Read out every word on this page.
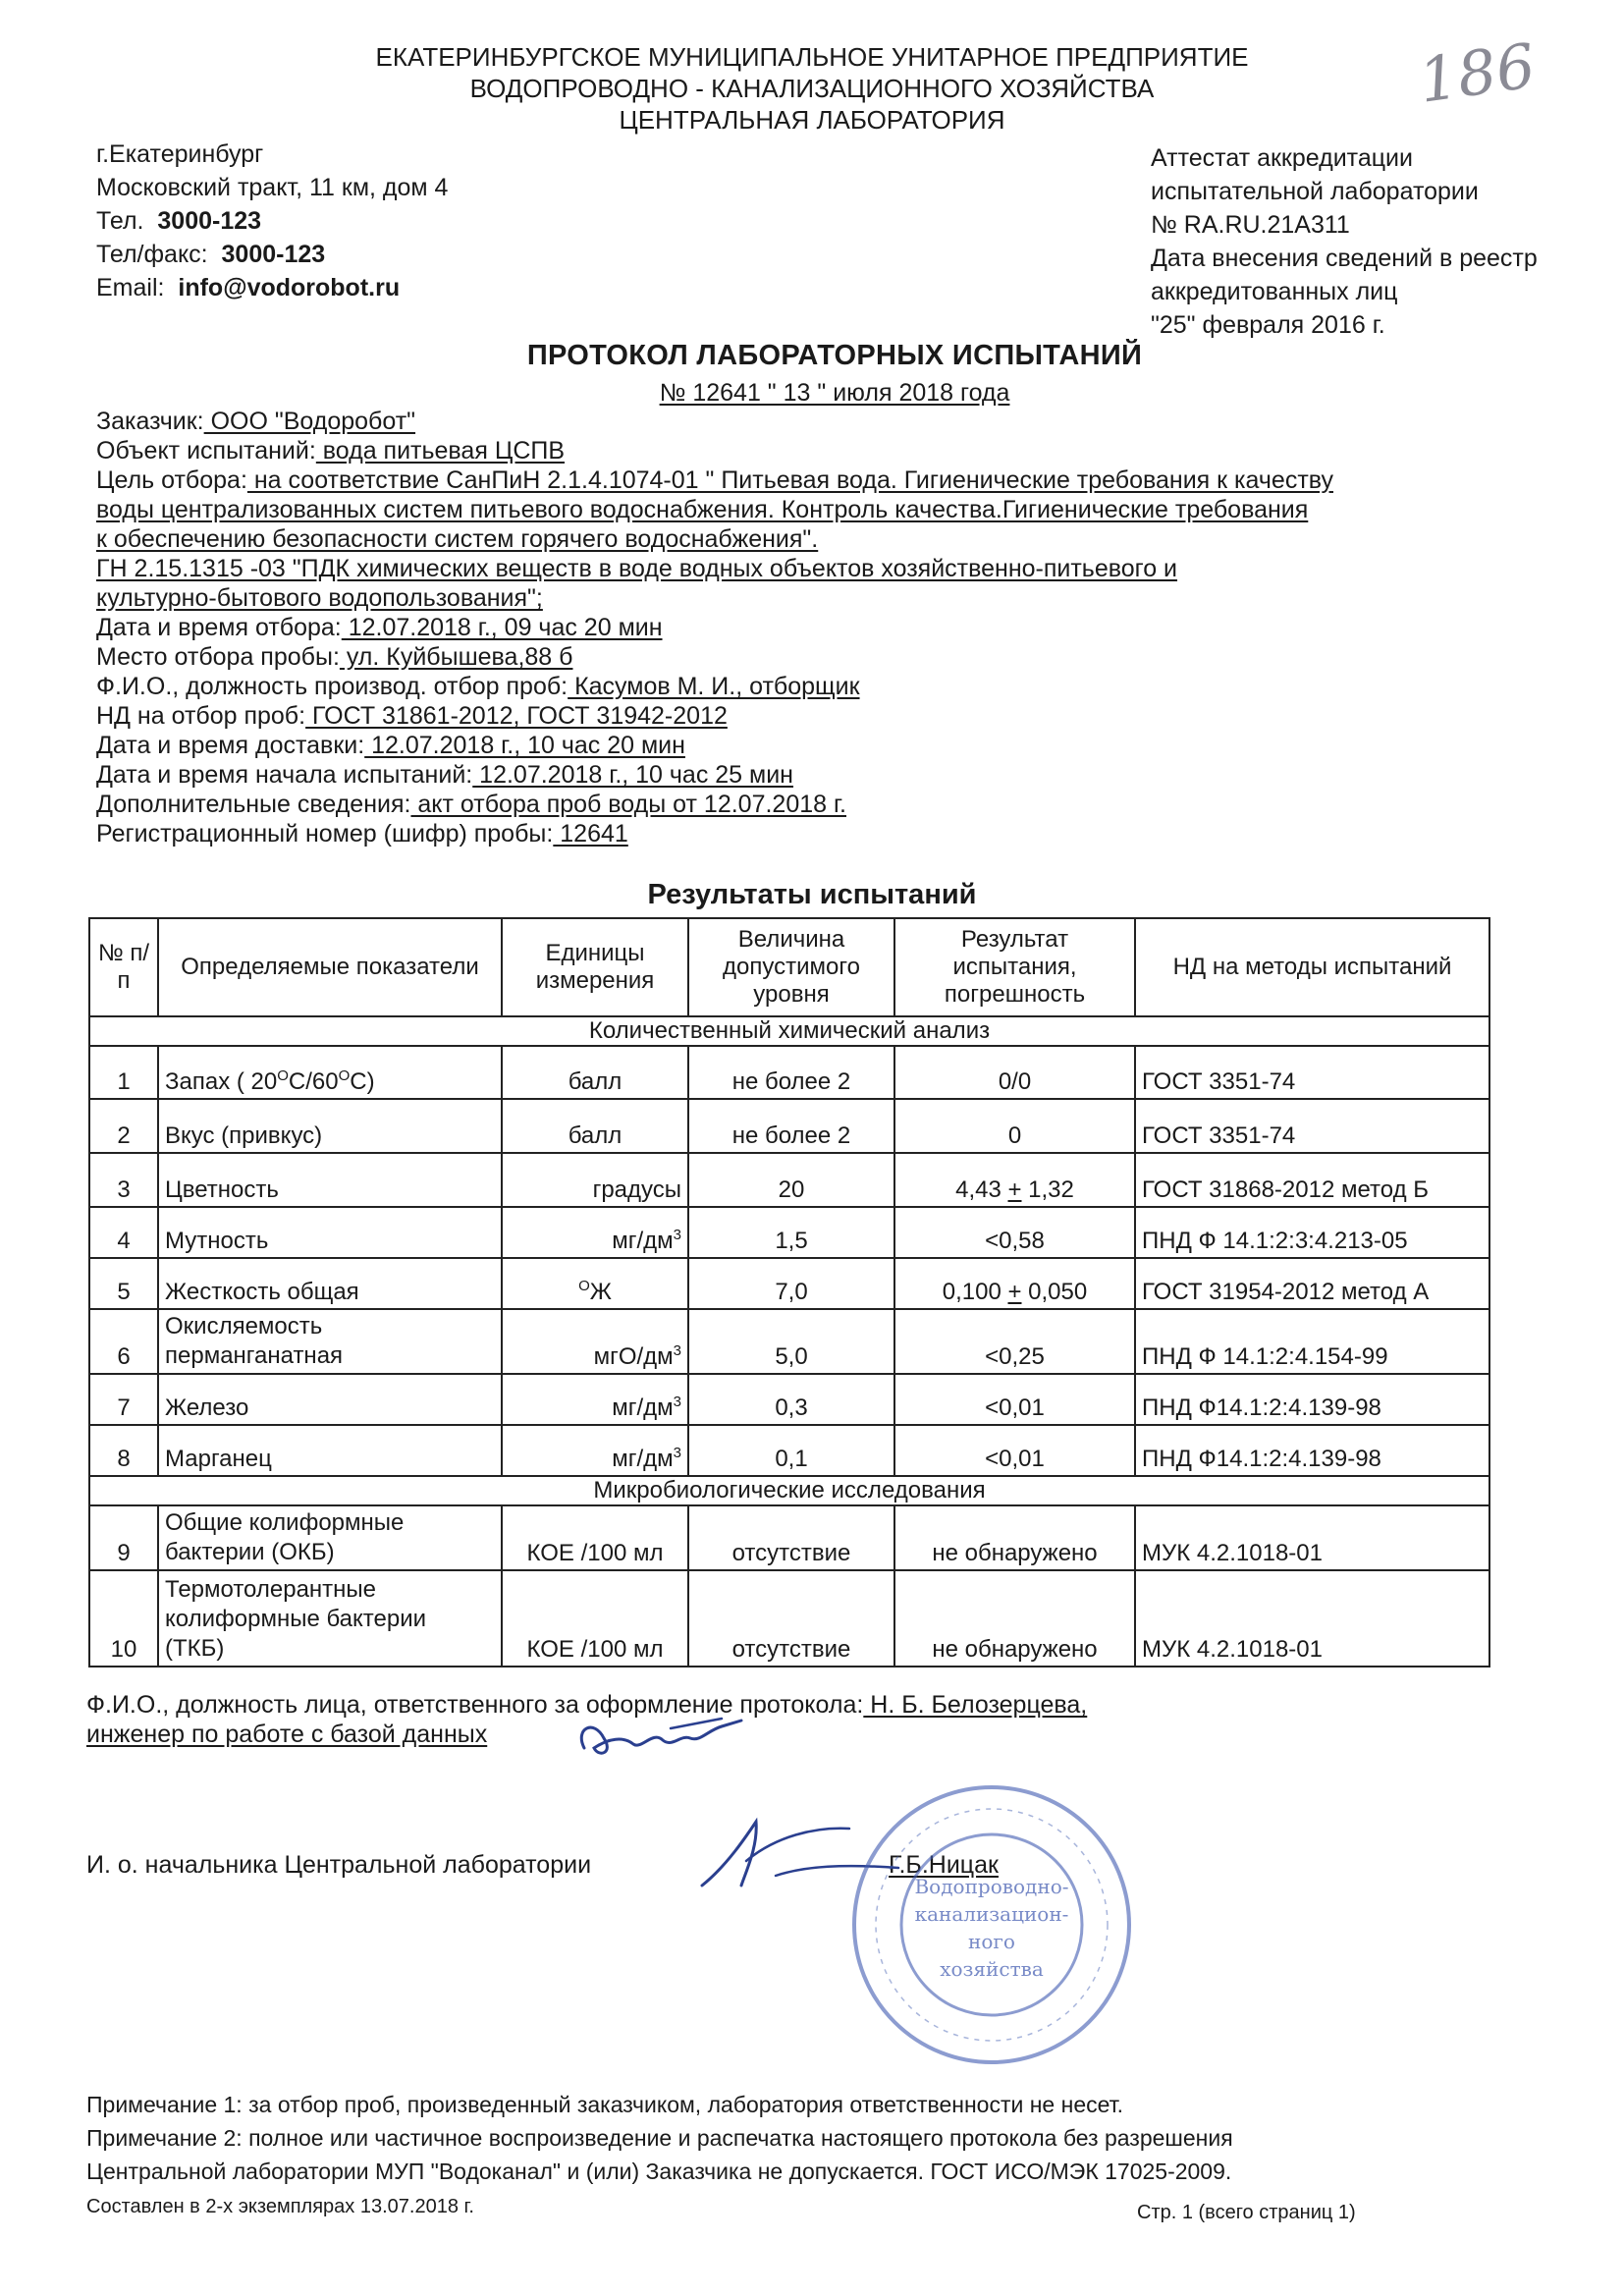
186
ЕКАТЕРИНБУРГСКОЕ МУНИЦИПАЛЬНОЕ УНИТАРНОЕ ПРЕДПРИЯТИЕ
ВОДОПРОВОДНО - КАНАЛИЗАЦИОННОГО ХОЗЯЙСТВА
ЦЕНТРАЛЬНАЯ ЛАБОРАТОРИЯ
г.Екатеринбург
Московский тракт, 11 км, дом 4
Тел. 3000-123
Тел/факс: 3000-123
Email: info@vodorobot.ru
Аттестат аккредитации
испытательной лаборатории
№ RA.RU.21A311
Дата внесения сведений в реестр
аккредитованных лиц
"25" февраля 2016 г.
ПРОТОКОЛ ЛАБОРАТОРНЫХ ИСПЫТАНИЙ
№ 12641 " 13 " июля 2018 года
Заказчик: ООО "Водоробот"
Объект испытаний: вода питьевая ЦСПВ
Цель отбора: на соответствие СанПиН 2.1.4.1074-01 " Питьевая вода. Гигиенические требования к качеству
воды централизованных систем питьевого водоснабжения. Контроль качества.Гигиенические требования
к обеспечению безопасности систем горячего водоснабжения".
ГН 2.15.1315 -03 "ПДК химических веществ в воде водных объектов хозяйственно-питьевого и
культурно-бытового водопользования";
Дата и время отбора: 12.07.2018 г., 09 час 20 мин
Место отбора пробы: ул. Куйбышева,88 б
Ф.И.О., должность производ. отбор проб: Касумов М. И., отборщик
НД на отбор проб: ГОСТ 31861-2012, ГОСТ 31942-2012
Дата и время доставки: 12.07.2018 г., 10 час 20 мин
Дата и время начала испытаний: 12.07.2018 г., 10 час 25 мин
Дополнительные сведения: акт отбора проб воды от 12.07.2018 г.
Регистрационный номер (шифр) пробы: 12641
Результаты испытаний
№ п/п	Определяемые показатели	Единицы измерения	Величина допустимого уровня	Результат испытания, погрешность	НД на методы испытаний
Количественный химический анализ					
1	Запах ( $20^ОС/60^ОС$)	балл	не более 2	0/0	ГОСТ 3351-74
2	Вкус (привкус)	балл	не более 2	0	ГОСТ 3351-74
3	Цветность	градусы	20	4,43 + 1,32	ГОСТ 31868-2012 метод Б
4	Мутность	$мг/дм^3$	1,5	<0,58	ПНД Ф 14.1:2:3:4.213-05
5	Жесткость общая	$^О$Ж	7,0	0,100 + 0,050	ГОСТ 31954-2012 метод А
6	Окисляемость
перманганатная	мгО/$дм^3$	5,0	<0,25	ПНД Ф 14.1:2:4.154-99
7	Железо	$мг/дм^3$	0,3	<0,01	ПНД Ф14.1:2:4.139-98
8	Марганец	$мг/дм^3$	0,1	<0,01	ПНД Ф14.1:2:4.139-98
Микробиологические исследования					
9	Общие колиформные
бактерии (ОКБ)	КОЕ /100 мл	отсутствие	не обнаружено	МУК 4.2.1018-01
10	Термотолерантные
колиформные бактерии
(ТКБ)	КОЕ /100 мл	отсутствие	не обнаружено	МУК 4.2.1018-01
Ф.И.О., должность лица, ответственного за оформление протокола: Н. Б. Белозерцева,
инженер по работе с базой данных
И. о. начальника Центральной лаборатории	Г.Б.Ницак
Водопроводно-
канализацион-
ного
хозяйства
Примечание 1: за отбор проб, произведенный заказчиком, лаборатория ответственности не несет.
Примечание 2: полное или частичное воспроизведение и распечатка настоящего протокола без разрешения
Центральной лаборатории МУП "Водоканал" и (или) Заказчика не допускается. ГОСТ ИСО/МЭК 17025-2009.
Составлен в 2-х экземплярах 13.07.2018 г.	Стр. 1 (всего страниц 1)
